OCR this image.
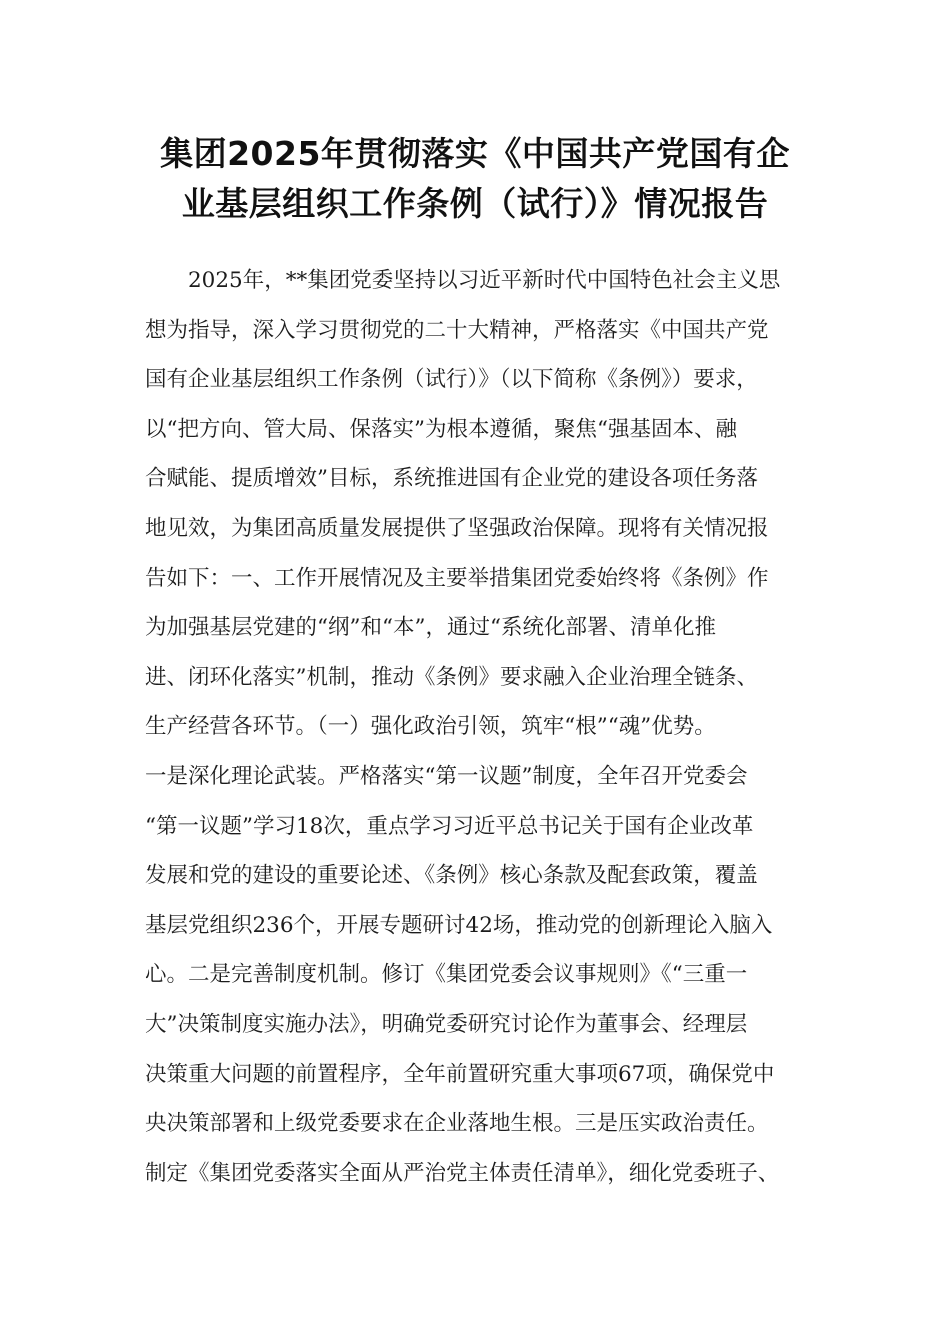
集团2025年贯彻落实《中国共产党国有企
业基层组织工作条例（试行）》情况报告
2025年，**集团党委坚持以习近平新时代中国特色社会主义思
想为指导，深入学习贯彻党的二十大精神，严格落实《中国共产党
国有企业基层组织工作条例（试行）》（以下简称《条例》）要求，
以“把方向、管大局、保落实”为根本遵循，聚焦“强基固本、融
合赋能、提质增效”目标，系统推进国有企业党的建设各项任务落
地见效，为集团高质量发展提供了坚强政治保障。现将有关情况报
告如下：一、工作开展情况及主要举措集团党委始终将《条例》作
为加强基层党建的“纲”和“本”，通过“系统化部署、清单化推
进、闭环化落实”机制，推动《条例》要求融入企业治理全链条、
生产经营各环节。（一）强化政治引领，筑牢“根”“魂”优势。
一是深化理论武装。严格落实“第一议题”制度，全年召开党委会
“第一议题”学习18次，重点学习习近平总书记关于国有企业改革
发展和党的建设的重要论述、《条例》核心条款及配套政策，覆盖
基层党组织236个，开展专题研讨42场，推动党的创新理论入脑入
心。二是完善制度机制。修订《集团党委会议事规则》《“三重一
大”决策制度实施办法》，明确党委研究讨论作为董事会、经理层
决策重大问题的前置程序，全年前置研究重大事项67项，确保党中
央决策部署和上级党委要求在企业落地生根。三是压实政治责任。
制定《集团党委落实全面从严治党主体责任清单》，细化党委班子、
